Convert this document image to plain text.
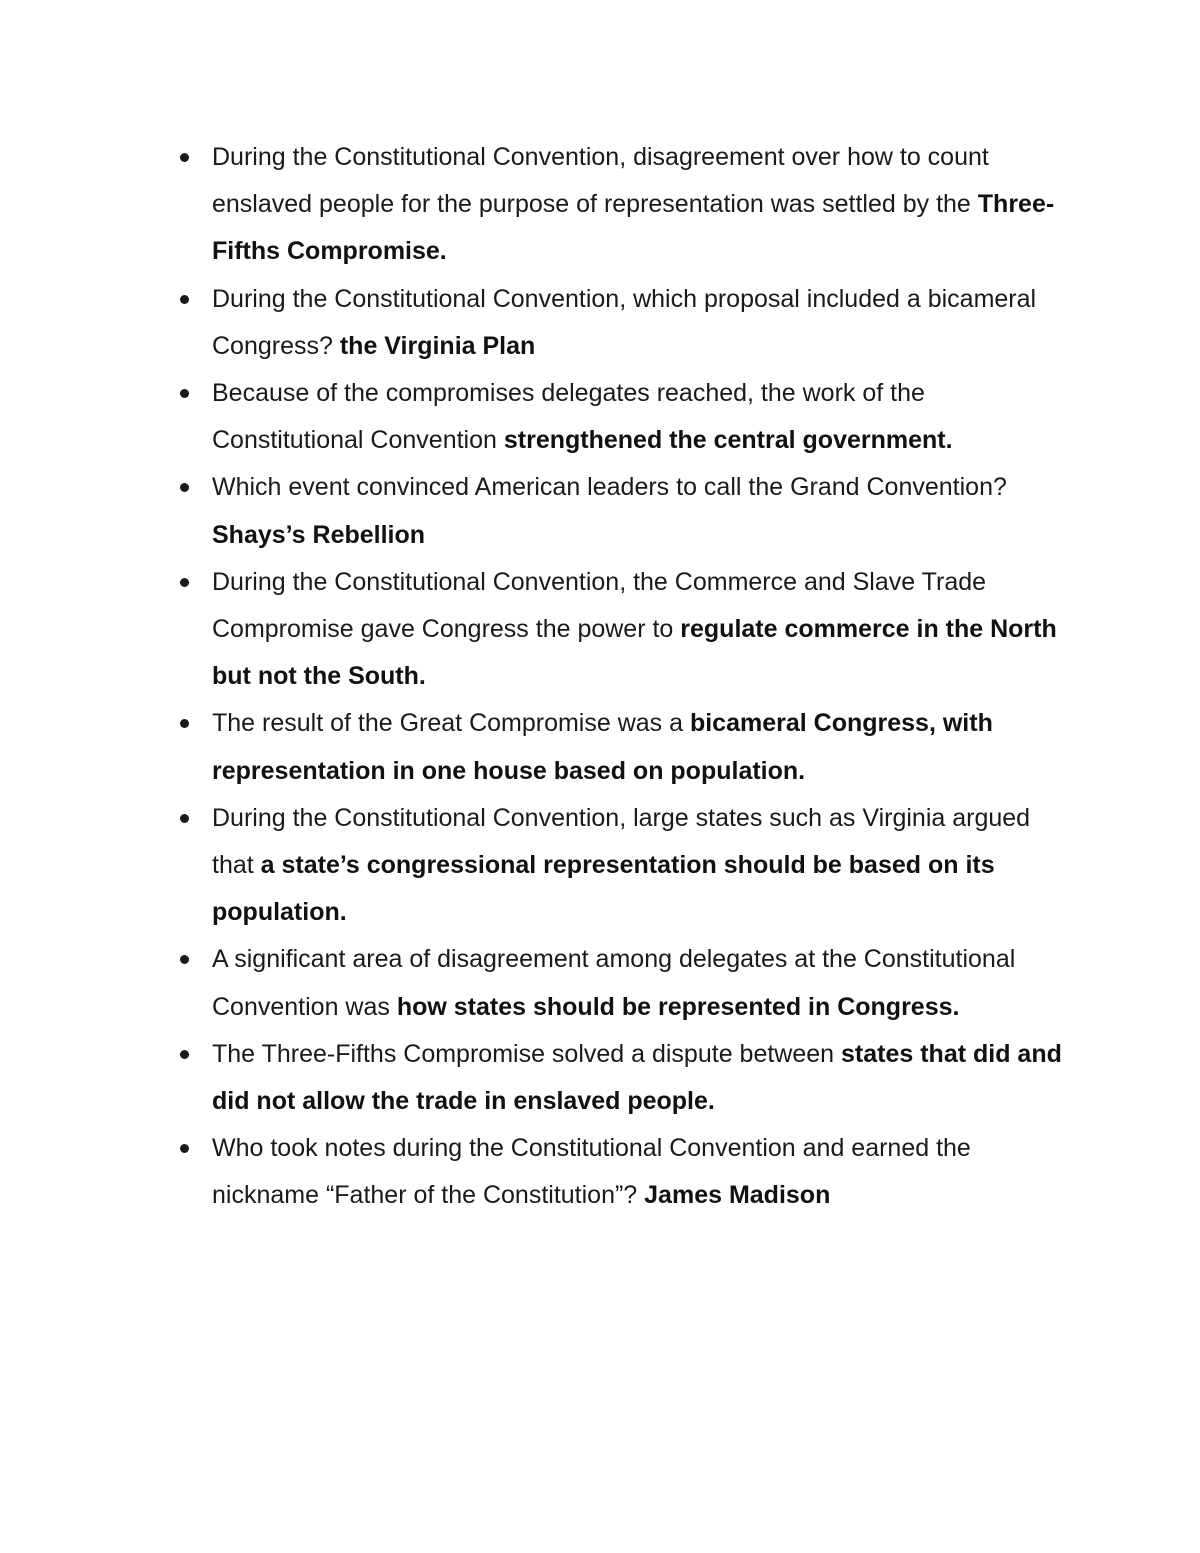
During the Constitutional Convention, disagreement over how to count enslaved people for the purpose of representation was settled by the Three-Fifths Compromise.
During the Constitutional Convention, which proposal included a bicameral Congress? the Virginia Plan
Because of the compromises delegates reached, the work of the Constitutional Convention strengthened the central government.
Which event convinced American leaders to call the Grand Convention? Shays’s Rebellion
During the Constitutional Convention, the Commerce and Slave Trade Compromise gave Congress the power to regulate commerce in the North but not the South.
The result of the Great Compromise was a bicameral Congress, with representation in one house based on population.
During the Constitutional Convention, large states such as Virginia argued that a state’s congressional representation should be based on its population.
A significant area of disagreement among delegates at the Constitutional Convention was how states should be represented in Congress.
The Three-Fifths Compromise solved a dispute between states that did and did not allow the trade in enslaved people.
Who took notes during the Constitutional Convention and earned the nickname “Father of the Constitution”? James Madison
